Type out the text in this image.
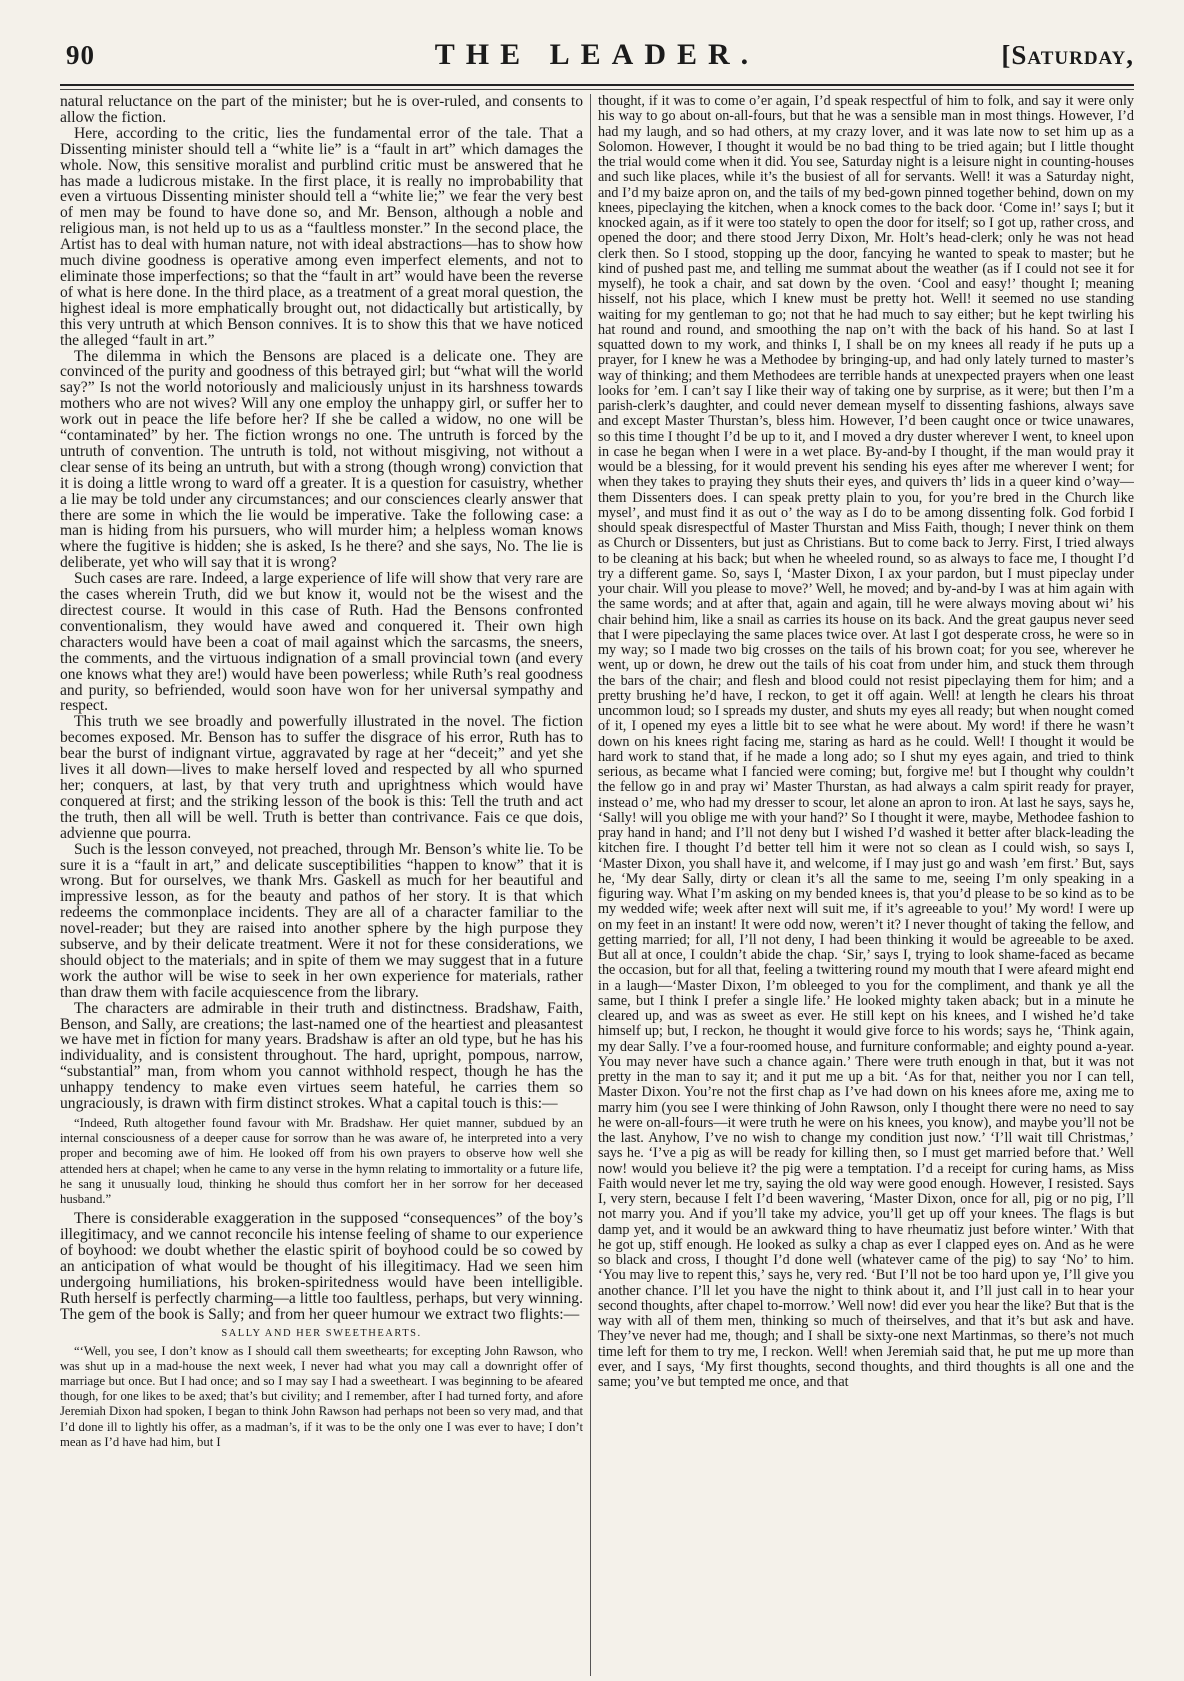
90	THE LEADER.	[Saturday,

natural reluctance on the part of the minister; but he is over-ruled, and consents to allow the fiction.

Here, according to the critic, lies the fundamental error of the tale. That a Dissenting minister should tell a “white lie” is a “fault in art” which damages the whole. Now, this sensitive moralist and purblind critic must be answered that he has made a ludicrous mistake. In the first place, it is really no improbability that even a virtuous Dissenting minister should tell a “white lie;” we fear the very best of men may be found to have done so, and Mr. Benson, although a noble and religious man, is not held up to us as a “faultless monster.” In the second place, the Artist has to deal with human nature, not with ideal abstractions—has to show how much divine goodness is operative among even imperfect elements, and not to eliminate those imperfections; so that the “fault in art” would have been the reverse of what is here done. In the third place, as a treatment of a great moral question, the highest ideal is more emphatically brought out, not didactically but artistically, by this very untruth at which Benson connives. It is to show this that we have noticed the alleged “fault in art.”

The dilemma in which the Bensons are placed is a delicate one. They are convinced of the purity and goodness of this betrayed girl; but “what will the world say?” Is not the world notoriously and maliciously unjust in its harshness towards mothers who are not wives? Will any one employ the unhappy girl, or suffer her to work out in peace the life before her? If she be called a widow, no one will be “contaminated” by her. The fiction wrongs no one. The untruth is forced by the untruth of convention. The untruth is told, not without misgiving, not without a clear sense of its being an untruth, but with a strong (though wrong) conviction that it is doing a little wrong to ward off a greater. It is a question for casuistry, whether a lie may be told under any circumstances; and our consciences clearly answer that there are some in which the lie would be imperative. Take the following case: a man is hiding from his pursuers, who will murder him; a helpless woman knows where the fugitive is hidden; she is asked, Is he there? and she says, No. The lie is deliberate, yet who will say that it is wrong?

Such cases are rare. Indeed, a large experience of life will show that very rare are the cases wherein Truth, did we but know it, would not be the wisest and the directest course. It would in this case of Ruth. Had the Bensons confronted conventionalism, they would have awed and conquered it. Their own high characters would have been a coat of mail against which the sarcasms, the sneers, the comments, and the virtuous indignation of a small provincial town (and every one knows what they are!) would have been powerless; while Ruth’s real goodness and purity, so befriended, would soon have won for her universal sympathy and respect.

This truth we see broadly and powerfully illustrated in the novel. The fiction becomes exposed. Mr. Benson has to suffer the disgrace of his error, Ruth has to bear the burst of indignant virtue, aggravated by rage at her “deceit;” and yet she lives it all down—lives to make herself loved and respected by all who spurned her; conquers, at last, by that very truth and uprightness which would have conquered at first; and the striking lesson of the book is this: Tell the truth and act the truth, then all will be well. Truth is better than contrivance. Fais ce que dois, advienne que pourra.

Such is the lesson conveyed, not preached, through Mr. Benson’s white lie. To be sure it is a “fault in art,” and delicate susceptibilities “happen to know” that it is wrong. But for ourselves, we thank Mrs. Gaskell as much for her beautiful and impressive lesson, as for the beauty and pathos of her story. It is that which redeems the commonplace incidents. They are all of a character familiar to the novel-reader; but they are raised into another sphere by the high purpose they subserve, and by their delicate treatment. Were it not for these considerations, we should object to the materials; and in spite of them we may suggest that in a future work the author will be wise to seek in her own experience for materials, rather than draw them with facile acquiescence from the library.

The characters are admirable in their truth and distinctness. Bradshaw, Faith, Benson, and Sally, are creations; the last-named one of the heartiest and pleasantest we have met in fiction for many years. Bradshaw is after an old type, but he has his individuality, and is consistent throughout. The hard, upright, pompous, narrow, “substantial” man, from whom you cannot withhold respect, though he has the unhappy tendency to make even virtues seem hateful, he carries them so ungraciously, is drawn with firm distinct strokes. What a capital touch is this:—

“Indeed, Ruth altogether found favour with Mr. Bradshaw. Her quiet manner, subdued by an internal consciousness of a deeper cause for sorrow than he was aware of, he interpreted into a very proper and becoming awe of him. He looked off from his own prayers to observe how well she attended hers at chapel; when he came to any verse in the hymn relating to immortality or a future life, he sang it unusually loud, thinking he should thus comfort her in her sorrow for her deceased husband.”

There is considerable exaggeration in the supposed “consequences” of the boy’s illegitimacy, and we cannot reconcile his intense feeling of shame to our experience of boyhood: we doubt whether the elastic spirit of boyhood could be so cowed by an anticipation of what would be thought of his illegitimacy. Had we seen him undergoing humiliations, his broken-spiritedness would have been intelligible. Ruth herself is perfectly charming—a little too faultless, perhaps, but very winning. The gem of the book is Sally; and from her queer humour we extract two flights:—

SALLY AND HER SWEETHEARTS.

“‘Well, you see, I don’t know as I should call them sweethearts; for excepting John Rawson, who was shut up in a mad-house the next week, I never had what you may call a downright offer of marriage but once. But I had once; and so I may say I had a sweetheart. I was beginning to be afeared though, for one likes to be axed; that’s but civility; and I remember, after I had turned forty, and afore Jeremiah Dixon had spoken, I began to think John Rawson had perhaps not been so very mad, and that I’d done ill to lightly his offer, as a madman’s, if it was to be the only one I was ever to have; I don’t mean as I’d have had him, but I

thought, if it was to come o’er again, I’d speak respectful of him to folk, and say it were only his way to go about on-all-fours, but that he was a sensible man in most things. However, I’d had my laugh, and so had others, at my crazy lover, and it was late now to set him up as a Solomon. However, I thought it would be no bad thing to be tried again; but I little thought the trial would come when it did. You see, Saturday night is a leisure night in counting-houses and such like places, while it’s the busiest of all for servants. Well! it was a Saturday night, and I’d my baize apron on, and the tails of my bed-gown pinned together behind, down on my knees, pipeclaying the kitchen, when a knock comes to the back door. ‘Come in!’ says I; but it knocked again, as if it were too stately to open the door for itself; so I got up, rather cross, and opened the door; and there stood Jerry Dixon, Mr. Holt’s head-clerk; only he was not head clerk then. So I stood, stopping up the door, fancying he wanted to speak to master; but he kind of pushed past me, and telling me summat about the weather (as if I could not see it for myself), he took a chair, and sat down by the oven. ‘Cool and easy!’ thought I; meaning hisself, not his place, which I knew must be pretty hot. Well! it seemed no use standing waiting for my gentleman to go; not that he had much to say either; but he kept twirling his hat round and round, and smoothing the nap on’t with the back of his hand. So at last I squatted down to my work, and thinks I, I shall be on my knees all ready if he puts up a prayer, for I knew he was a Methodee by bringing-up, and had only lately turned to master’s way of thinking; and them Methodees are terrible hands at unexpected prayers when one least looks for ’em. I can’t say I like their way of taking one by surprise, as it were; but then I’m a parish-clerk’s daughter, and could never demean myself to dissenting fashions, always save and except Master Thurstan’s, bless him. However, I’d been caught once or twice unawares, so this time I thought I’d be up to it, and I moved a dry duster wherever I went, to kneel upon in case he began when I were in a wet place. By-and-by I thought, if the man would pray it would be a blessing, for it would prevent his sending his eyes after me wherever I went; for when they takes to praying they shuts their eyes, and quivers th’ lids in a queer kind o’way—them Dissenters does. I can speak pretty plain to you, for you’re bred in the Church like mysel’, and must find it as out o’ the way as I do to be among dissenting folk. God forbid I should speak disrespectful of Master Thurstan and Miss Faith, though; I never think on them as Church or Dissenters, but just as Christians. But to come back to Jerry. First, I tried always to be cleaning at his back; but when he wheeled round, so as always to face me, I thought I’d try a different game. So, says I, ‘Master Dixon, I ax your pardon, but I must pipeclay under your chair. Will you please to move?’ Well, he moved; and by-and-by I was at him again with the same words; and at after that, again and again, till he were always moving about wi’ his chair behind him, like a snail as carries its house on its back. And the great gaupus never seed that I were pipeclaying the same places twice over. At last I got desperate cross, he were so in my way; so I made two big crosses on the tails of his brown coat; for you see, wherever he went, up or down, he drew out the tails of his coat from under him, and stuck them through the bars of the chair; and flesh and blood could not resist pipeclaying them for him; and a pretty brushing he’d have, I reckon, to get it off again. Well! at length he clears his throat uncommon loud; so I spreads my duster, and shuts my eyes all ready; but when nought comed of it, I opened my eyes a little bit to see what he were about. My word! if there he wasn’t down on his knees right facing me, staring as hard as he could. Well! I thought it would be hard work to stand that, if he made a long ado; so I shut my eyes again, and tried to think serious, as became what I fancied were coming; but, forgive me! but I thought why couldn’t the fellow go in and pray wi’ Master Thurstan, as had always a calm spirit ready for prayer, instead o’ me, who had my dresser to scour, let alone an apron to iron. At last he says, says he, ‘Sally! will you oblige me with your hand?’ So I thought it were, maybe, Methodee fashion to pray hand in hand; and I’ll not deny but I wished I’d washed it better after black-leading the kitchen fire. I thought I’d better tell him it were not so clean as I could wish, so says I, ‘Master Dixon, you shall have it, and welcome, if I may just go and wash ’em first.’ But, says he, ‘My dear Sally, dirty or clean it’s all the same to me, seeing I’m only speaking in a figuring way. What I’m asking on my bended knees is, that you’d please to be so kind as to be my wedded wife; week after next will suit me, if it’s agreeable to you!’ My word! I were up on my feet in an instant! It were odd now, weren’t it? I never thought of taking the fellow, and getting married; for all, I’ll not deny, I had been thinking it would be agreeable to be axed. But all at once, I couldn’t abide the chap. ‘Sir,’ says I, trying to look shame-faced as became the occasion, but for all that, feeling a twittering round my mouth that I were afeard might end in a laugh—‘Master Dixon, I’m obleeged to you for the compliment, and thank ye all the same, but I think I prefer a single life.’ He looked mighty taken aback; but in a minute he cleared up, and was as sweet as ever. He still kept on his knees, and I wished he’d take himself up; but, I reckon, he thought it would give force to his words; says he, ‘Think again, my dear Sally. I’ve a four-roomed house, and furniture conformable; and eighty pound a-year. You may never have such a chance again.’ There were truth enough in that, but it was not pretty in the man to say it; and it put me up a bit. ‘As for that, neither you nor I can tell, Master Dixon. You’re not the first chap as I’ve had down on his knees afore me, axing me to marry him (you see I were thinking of John Rawson, only I thought there were no need to say he were on-all-fours—it were truth he were on his knees, you know), and maybe you’ll not be the last. Anyhow, I’ve no wish to change my condition just now.’ ‘I’ll wait till Christmas,’ says he. ‘I’ve a pig as will be ready for killing then, so I must get married before that.’ Well now! would you believe it? the pig were a temptation. I’d a receipt for curing hams, as Miss Faith would never let me try, saying the old way were good enough. However, I resisted. Says I, very stern, because I felt I’d been wavering, ‘Master Dixon, once for all, pig or no pig, I’ll not marry you. And if you’ll take my advice, you’ll get up off your knees. The flags is but damp yet, and it would be an awkward thing to have rheumatiz just before winter.’ With that he got up, stiff enough. He looked as sulky a chap as ever I clapped eyes on. And as he were so black and cross, I thought I’d done well (whatever came of the pig) to say ‘No’ to him. ‘You may live to repent this,’ says he, very red. ‘But I’ll not be too hard upon ye, I’ll give you another chance. I’ll let you have the night to think about it, and I’ll just call in to hear your second thoughts, after chapel to-morrow.’ Well now! did ever you hear the like? But that is the way with all of them men, thinking so much of theirselves, and that it’s but ask and have. They’ve never had me, though; and I shall be sixty-one next Martinmas, so there’s not much time left for them to try me, I reckon. Well! when Jeremiah said that, he put me up more than ever, and I says, ‘My first thoughts, second thoughts, and third thoughts is all one and the same; you’ve but tempted me once, and that
